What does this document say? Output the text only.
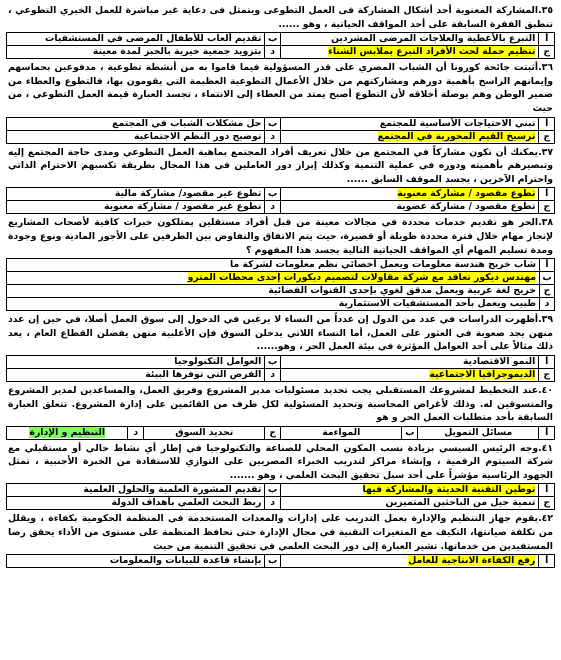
٣٥.المشاركة المعنوية أحد أشكال المشاركة فى العمل التطوعى ويتمثل فى دعاية غير مباشرة للعمل الخيري التطوعي ، تنطبق الفقرة السابقة على أحد المواقف الحياتية ، وهو ......

أ	التبرع بالأغطية والعلاجات المرضى المشردين	ب	تقديم ألعاب للأطفال المرضى في المستشفيات
ج	تنظيم حملة لحث الأفراد التبرع بملابس الشتاء	د	بتزويد جمعية خيرية بالخبز لمدة معينة

٣٦.أثبتت جائحة كورونا أن الشباب المصري على قدر المسؤولية فيما قاموا به من أنشطة تطوعية ، مدفوعين بحماسهم وإيمانهم الراسخ بأهمية دورهم ومشاركتهم من خلال الأعمال التطوعية العظيمة التي يقومون بها، فالتطوع والعطاء من ضمير الوطن وهم يوصلة أخلاقه لأن التطوع أصبح يمتد من العطاء إلى الانتماء ، تجسد العبارة قيمة العمل التطوعي ، من حيث

أ	تبني الاحتياجات الأساسية للمجتمع	ب	حل مشكلات الشباب في المجتمع
ج	ترسيخ القيم المحورية في المجتمع	د	توضيح دور النظم الاجتماعية

٣٧.يمكنك أن تكون مشاركاً في المجتمع من خلال تعريف أفراد المجتمع بماهية العمل التطوعي ومدى حاجة المجتمع إليه وتبصيرهم بأهميته ودوره في عملية التنمية وكذلك إبراز دور العاملين في هذا المجال بطريقة تكسبهم الاحترام الذاتي واحترام الآخرين ، يجسد الموقف السابق ......

أ	تطوع مقصود / مشاركة معنوية	ب	تطوع غير مقصود/ مشاركة مالية
ج	تطوع مقصود / مشاركة عضوية	د	تطوع غير مقصود / مشاركة معنوية

٣٨.الحر هو تقديم خدمات محددة في مجالات معينة من قبل أفراد مستقلين يمتلكون خبرات كافية لأصحاب المشاريع لإنجاز مهام خلال فترة محددة طويلة أو قصيرة، حيث يتم الاتفاق والتفاوض بين الطرفين على الأجور المادية ونوع وجودة ومدة تسليم المهام أي المواقف الحياتية التالية يجسد هذا المفهوم ؟

أ	شاب خريج هندسة معلومات ويعمل أخصائي نظم معلومات لشركة ما
ب	مهندس ديكور تعاقد مع شركة مقاولات لتصميم ديكورات إحدى محطات المترو
ج	خريج لغة عربية ويعمل مدقق لغوي بإحدى القنوات الفضائية
د	طبيب ويعمل بأحد المستشفيات الاستثمارية

٣٩.أظهرت الدراسات في عدد من الدول إن عدداً من النساء لا يرغبن في الدخول إلى سوق العمل أصلا، في حين إن عدد منهن يجد صعوبة في العثور على العمل، أما النساء اللاتي يدخلن السوق فإن الأغلبية منهن يفضلن القطاع العام ، يعد ذلك مثالاً على أحد العوامل المؤثرة في بيئة العمل الحر ، وهو......

أ	النمو الاقتصادية	ب	العوامل التكنولوجيا
ج	الديموجرافيا الاجتماعية	د	الفرص التي توفرها البيئة

٤٠.عند التخطيط لمشروعك المستقبلي يجب تحديد مسئوليات مدير المشروع وفريق العمل، والمساعدين لمدير المشروع والمتسوقين له. وذلك لأغراض المحاسبة وتحديد المسئولية لكل طرف من القائمين على إدارة المشروع. تتعلق العبارة السابقة بأحد متطلبات العمل الحر و هو

أ	مسائل التمويل	ب	المواءمة	ج	تحديد السوق	د	التنظيم و الإدارة

٤١.وجه الرئيس السيسي بزيادة نسب المكون المحلي للصناعة والتكنولوجيا في إطار أي نشاط حالي أو مستقبلي مع شركة السيتوم الرقمية ، وإنشاء مراكز لتدريب الخبراء المصريين على التوازي للاستفادة من الخبرة الأجنبية ، تمثل الجهود الرئاسية مؤشراً على أحد سبل تحقيق البحث العلمي ، وهو .......

أ	توطين التقنية الحديثة والمشاركة فيها	ب	تقديم المشورة العلمية والحلول العلمية
ج	تنمية جيل من الباحثين المتميزين	د	ربط البحث العلمي بأهداف الدولة

٤٢.يقوم جهاز التنظيم والإدارة بعمل التدريب على إدارات والمعدات المستخدمة في المنظمة الحكومية بكفاءة ، ويقلل من تكلفة صيانتها، التكيف مع المتغيرات التقنية في مجال الإدارة حتى تحافظ المنظمة على مستوى من الأداء يحقق رضا المستفيدين من خدماتها. تشير العبارة إلى دور البحث العلمي في تحقيق التنمية من حيث

أ	رفع الكفاءة الانتاجية للعامل	ب	بإنشاء قاعدة للبيانات والمعلومات
